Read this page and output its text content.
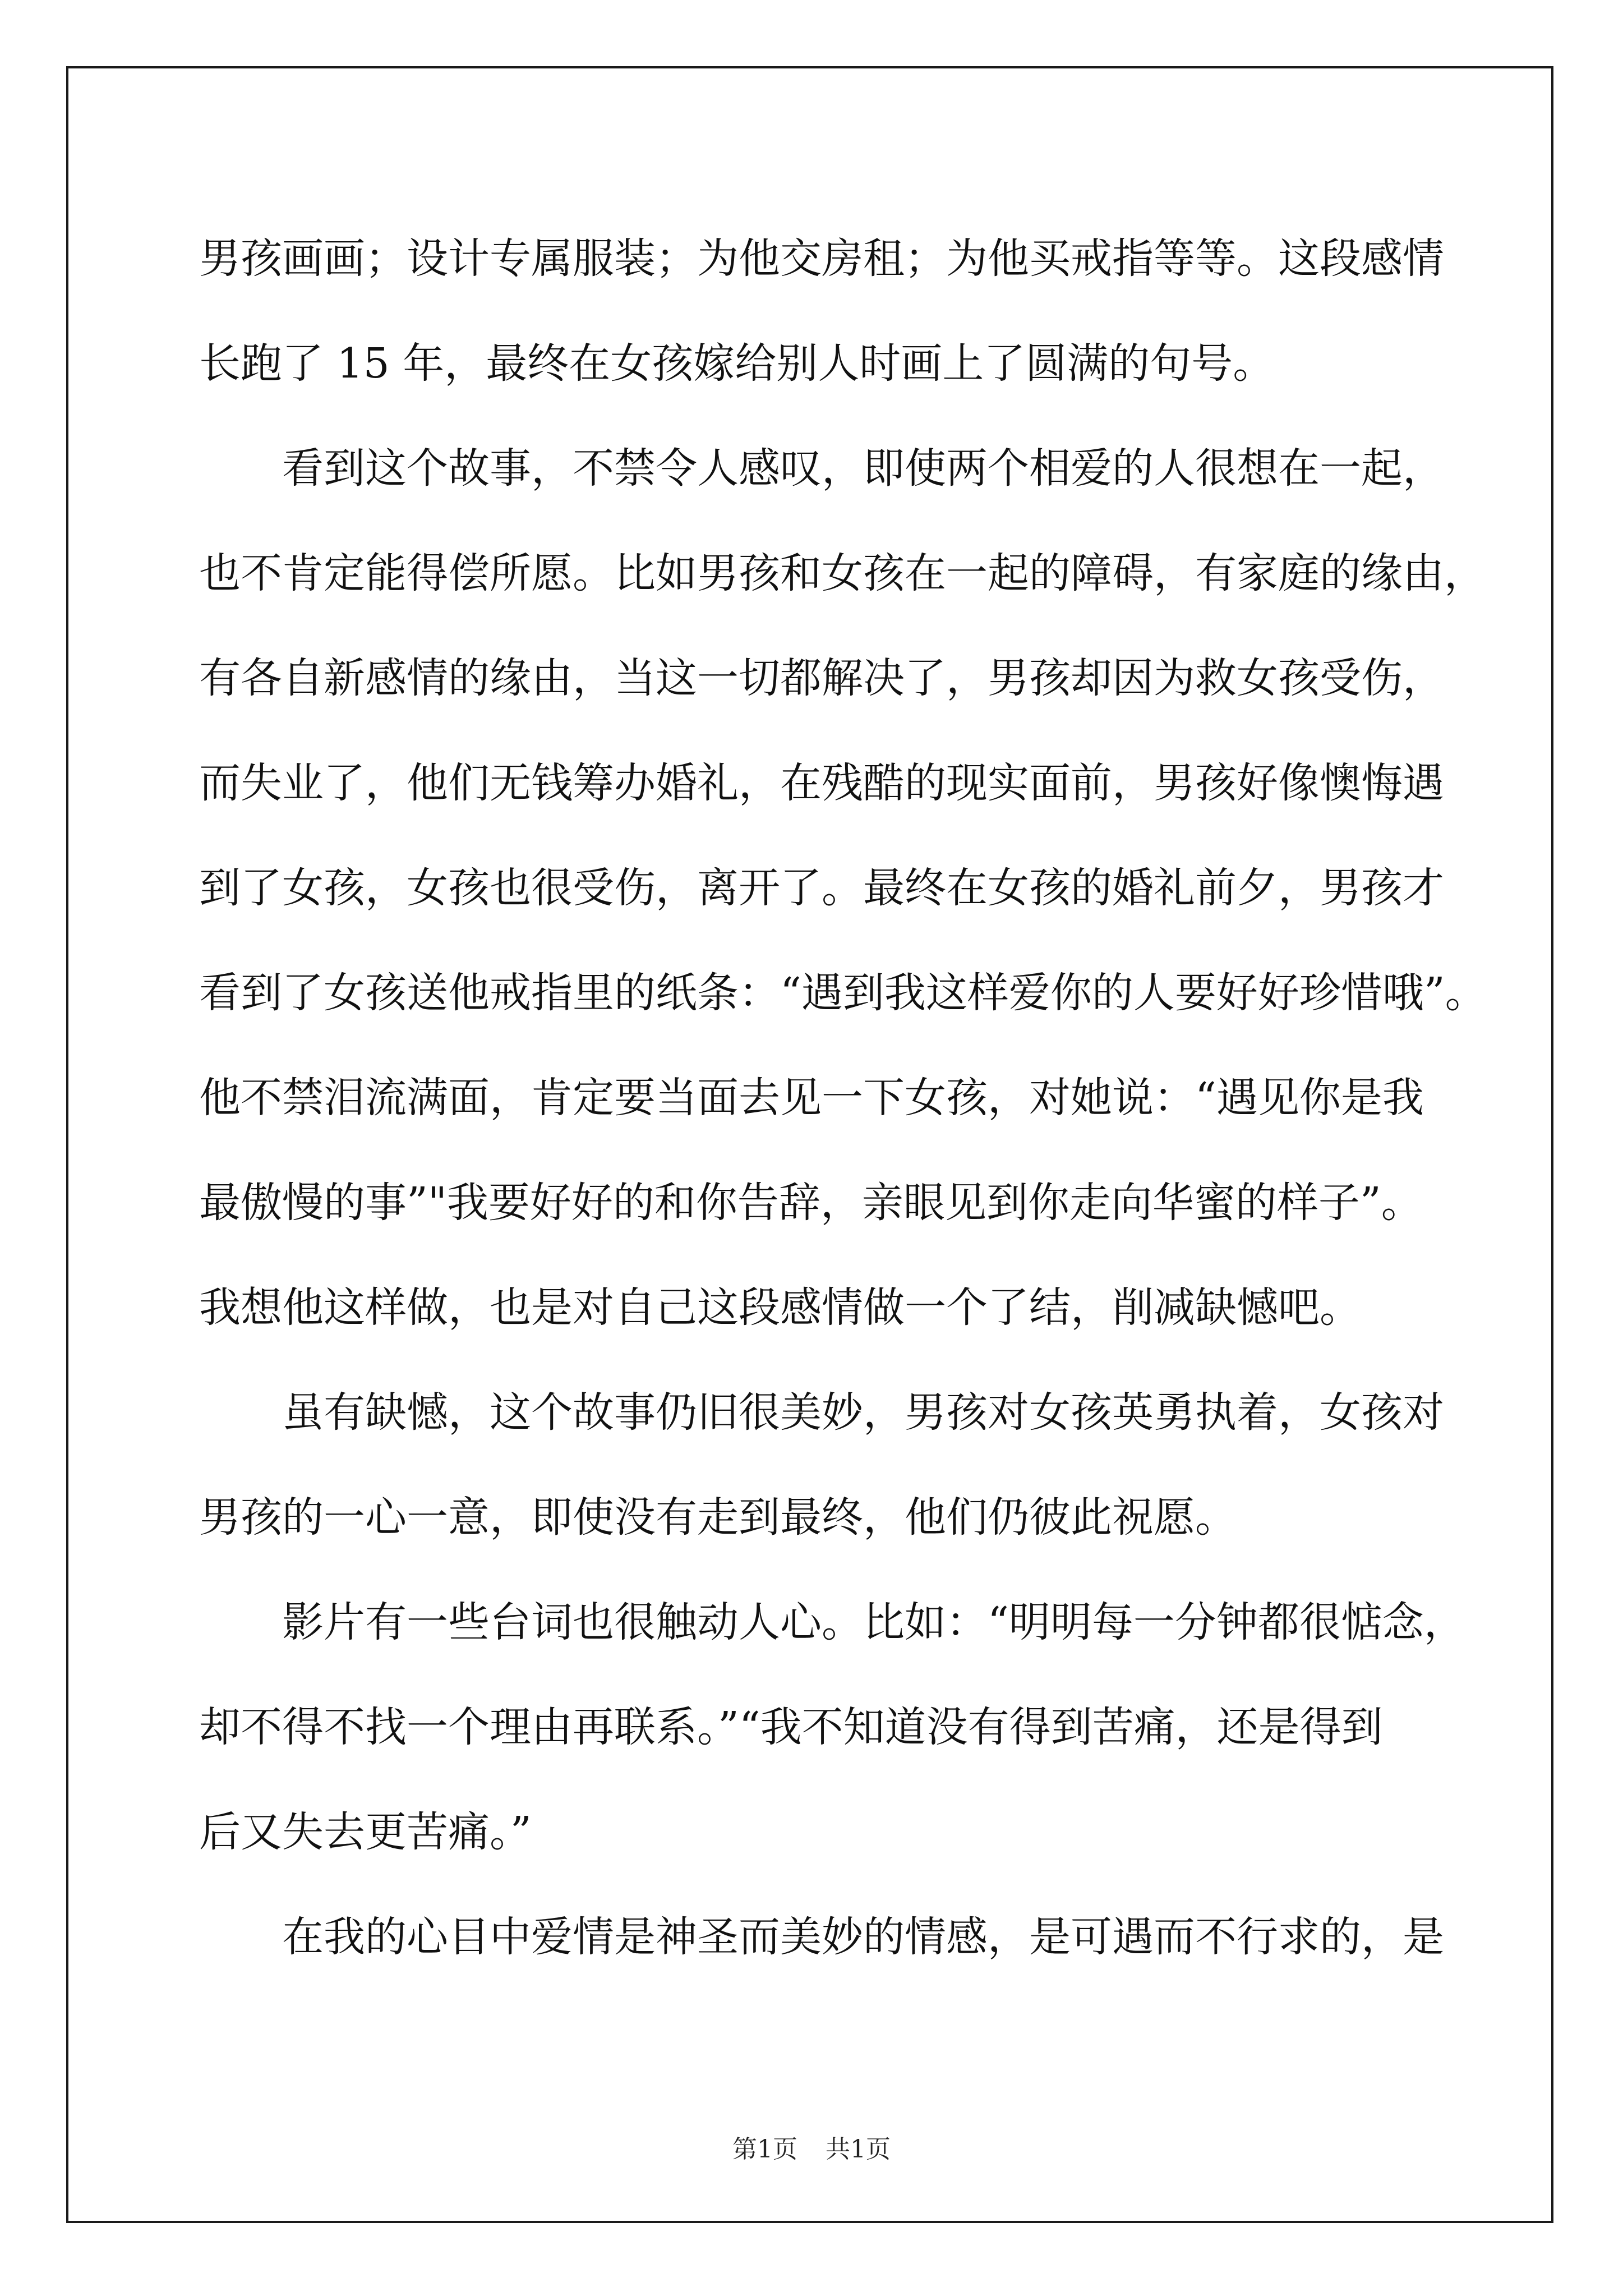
男孩画画；设计专属服装；为他交房租；为他买戒指等等。这段感情
长跑了 15 年，最终在女孩嫁给别人时画上了圆满的句号。
看到这个故事，不禁令人感叹，即使两个相爱的人很想在一起，
也不肯定能得偿所愿。比如男孩和女孩在一起的障碍，有家庭的缘由，
有各自新感情的缘由，当这一切都解决了，男孩却因为救女孩受伤，
而失业了，他们无钱筹办婚礼，在残酷的现实面前，男孩好像懊悔遇
到了女孩，女孩也很受伤，离开了。最终在女孩的婚礼前夕，男孩才
看到了女孩送他戒指里的纸条：“遇到我这样爱你的人要好好珍惜哦”。
他不禁泪流满面，肯定要当面去见一下女孩，对她说：“遇见你是我
最傲慢的事”"我要好好的和你告辞，亲眼见到你走向华蜜的样子”。
我想他这样做，也是对自己这段感情做一个了结，削减缺憾吧。
虽有缺憾，这个故事仍旧很美妙，男孩对女孩英勇执着，女孩对
男孩的一心一意，即使没有走到最终，他们仍彼此祝愿。
影片有一些台词也很触动人心。比如：“明明每一分钟都很惦念，
却不得不找一个理由再联系。”“我不知道没有得到苦痛，还是得到
后又失去更苦痛。”
在我的心目中爱情是神圣而美妙的情感，是可遇而不行求的，是
第1页 共1页
